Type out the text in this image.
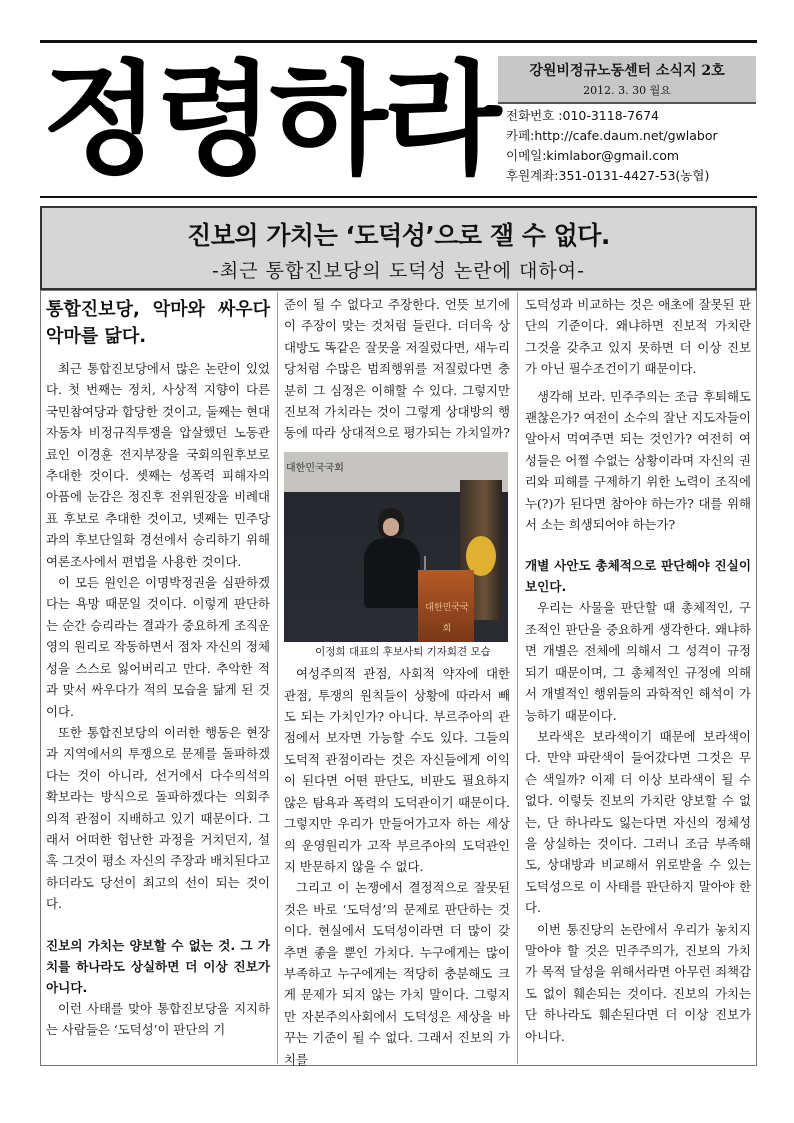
정령하라	강원비정규노동센터 소식지 2호
2012. 3. 30 월요
전화번호 :010-3118-7674
카페:http://cafe.daum.net/gwlabor
이메일:kimlabor@gmail.com
후원계좌:351-0131-4427-53(농협)
진보의 가치는 ‘도덕성’으로 잴 수 없다.
-최근 통합진보당의 도덕성 논란에 대하여-

통합진보당, 악마와 싸우다 악마를 닮다.

최근 통합진보당에서 많은 논란이 있었다. 첫 번째는 정치, 사상적 지향이 다른 국민참여당과 합당한 것이고, 둘째는 현대자동차 비정규직투쟁을 압살했던 노동관료인 이경훈 전지부장을 국회의원후보로 추대한 것이다. 셋째는 성폭력 피해자의 아픔에 눈감은 정진후 전위원장을 비례대표 후보로 추대한 것이고, 넷째는 민주당과의 후보단일화 경선에서 승리하기 위해 여론조사에서 편법을 사용한 것이다.

이 모든 원인은 이명박정권을 심판하겠다는 욕망 때문일 것이다. 이렇게 판단하는 순간 승리라는 결과가 중요하게 조직운영의 원리로 작동하면서 점차 자신의 정체성을 스스로 잃어버리고 만다. 추악한 적과 맞서 싸우다가 적의 모습을 닮게 된 것이다.

또한 통합진보당의 이러한 행동은 현장과 지역에서의 투쟁으로 문제를 돌파하겠다는 것이 아니라, 선거에서 다수의석의 확보라는 방식으로 돌파하겠다는 의회주의적 관점이 지배하고 있기 때문이다. 그래서 어떠한 험난한 과정을 거치던지, 설혹 그것이 평소 자신의 주장과 배치된다고 하더라도 당선이 최고의 선이 되는 것이다.

진보의 가치는 양보할 수 없는 것. 그 가치를 하나라도 상실하면 더 이상 진보가 아니다.

이런 사태를 맞아 통합진보당을 지지하는 사람들은 ‘도덕성’이 판단의 기

준이 될 수 없다고 주장한다. 언뜻 보기에 이 주장이 맞는 것처럼 들린다. 더더욱 상대방도 똑같은 잘못을 저질렀다면, 새누리당처럼 수많은 범죄행위를 저질렀다면 충분히 그 심정은 이해할 수 있다. 그렇지만 진보적 가치라는 것이 그렇게 상대방의 행동에 따라 상대적으로 평가되는 가치일까?

대한민국국회
대한민국국회

이정희 대표의 후보사퇴 기자회견 모습

여성주의적 관점, 사회적 약자에 대한 관점, 투쟁의 원칙들이 상황에 따라서 빼도 되는 가치인가? 아니다. 부르주아의 관점에서 보자면 가능할 수도 있다. 그들의 도덕적 관점이라는 것은 자신들에게 이익이 된다면 어떤 판단도, 비판도 필요하지 않은 탐욕과 폭력의 도덕관이기 때문이다. 그렇지만 우리가 만들어가고자 하는 세상의 운영원리가 고작 부르주아의 도덕관인지 반문하지 않을 수 없다.

그리고 이 논쟁에서 결정적으로 잘못된 것은 바로 ‘도덕성’의 문제로 판단하는 것이다. 현실에서 도덕성이라면 더 많이 갖추면 좋을 뿐인 가치다. 누구에게는 많이 부족하고 누구에게는 적당히 충분해도 크게 문제가 되지 않는 가치 말이다. 그렇지만 자본주의사회에서 도덕성은 세상을 바꾸는 기준이 될 수 없다. 그래서 진보의 가치를

도덕성과 비교하는 것은 애초에 잘못된 판단의 기준이다. 왜냐하면 진보적 가치란 그것을 갖추고 있지 못하면 더 이상 진보가 아닌 필수조건이기 때문이다.

생각해 보라. 민주주의는 조금 후퇴해도 괜찮은가? 여전이 소수의 잘난 지도자들이 알아서 먹여주면 되는 것인가? 여전히 여성들은 어쩔 수없는 상황이라며 자신의 권리와 피해를 구제하기 위한 노력이 조직에 누(?)가 된다면 참아야 하는가? 대를 위해서 소는 희생되어야 하는가?

개별 사안도 총체적으로 판단해야 진실이 보인다.

우리는 사물을 판단할 때 총체적인, 구조적인 판단을 중요하게 생각한다. 왜냐하면 개별은 전체에 의해서 그 성격이 규정되기 때문이며, 그 총체적인 규정에 의해서 개별적인 행위들의 과학적인 해석이 가능하기 때문이다.

보라색은 보라색이기 때문에 보라색이다. 만약 파란색이 들어갔다면 그것은 무슨 색일까? 이제 더 이상 보라색이 될 수 없다. 이렇듯 진보의 가치란 양보할 수 없는, 단 하나라도 잃는다면 자신의 정체성을 상실하는 것이다. 그러니 조금 부족해도, 상대방과 비교해서 위로받을 수 있는 도덕성으로 이 사태를 판단하지 말아야 한다.

이번 통진당의 논란에서 우리가 놓치지 말아야 할 것은 민주주의가, 진보의 가치가 목적 달성을 위해서라면 아무런 죄책감도 없이 훼손되는 것이다. 진보의 가치는 단 하나라도 훼손된다면 더 이상 진보가 아니다.
